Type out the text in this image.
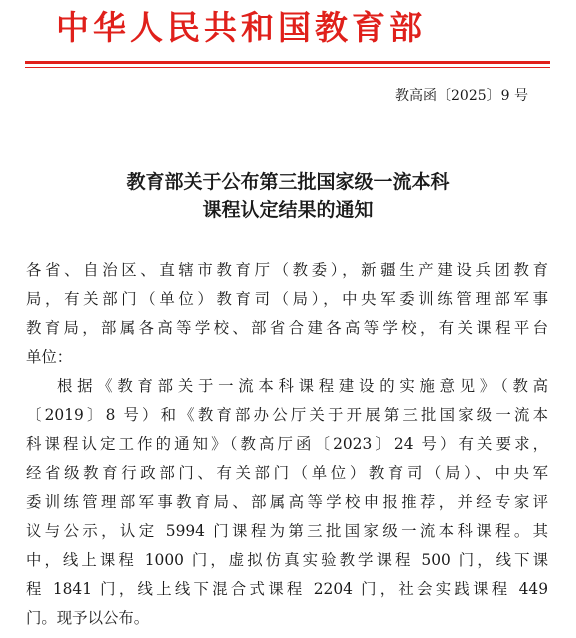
中华人民共和国教育部
教高函〔2025〕9 号
教育部关于公布第三批国家级一流本科
课程认定结果的通知
各省、自治区、直辖市教育厅（教委），新疆生产建设兵团教育
局，有关部门（单位）教育司（局），中央军委训练管理部军事
教育局，部属各高等学校、部省合建各高等学校，有关课程平台
单位：
根据《教育部关于一流本科课程建设的实施意见》（教高
〔2019〕8 号）和《教育部办公厅关于开展第三批国家级一流本
科课程认定工作的通知》（教高厅函〔2023〕24 号）有关要求，
经省级教育行政部门、有关部门（单位）教育司（局）、中央军
委训练管理部军事教育局、部属高等学校申报推荐，并经专家评
议与公示，认定 5994 门课程为第三批国家级一流本科课程。其
中，线上课程 1000 门，虚拟仿真实验教学课程 500 门，线下课
程 1841 门，线上线下混合式课程 2204 门，社会实践课程 449
门。现予以公布。
